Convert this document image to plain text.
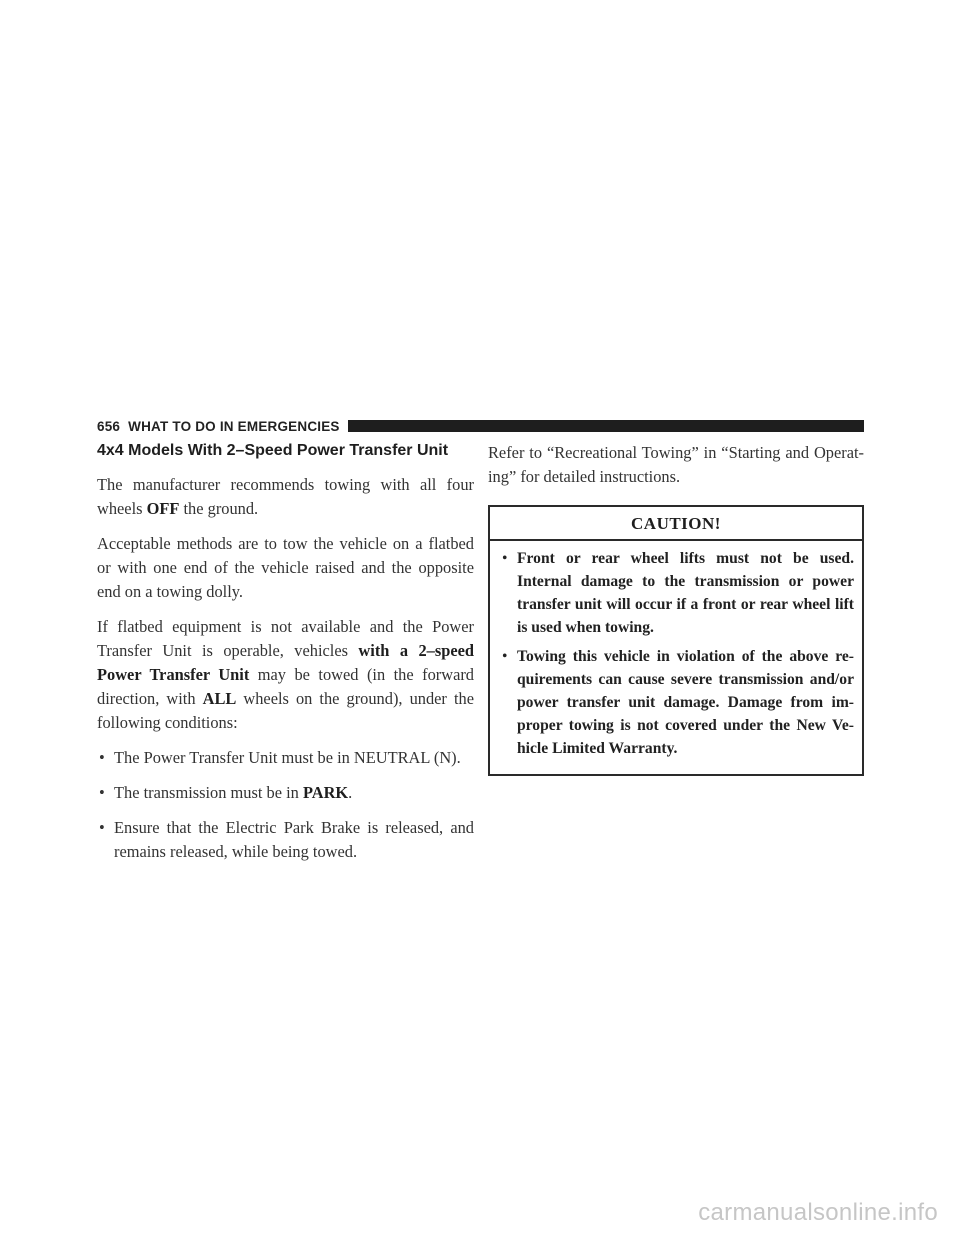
656 WHAT TO DO IN EMERGENCIES
4x4 Models With 2–Speed Power Transfer Unit

The manufacturer recommends towing with all four wheels OFF the ground.

Acceptable methods are to tow the vehicle on a flatbed or with one end of the vehicle raised and the opposite end on a towing dolly.

If flatbed equipment is not available and the Power Transfer Unit is operable, vehicles with a 2–speed Power Transfer Unit may be towed (in the forward direction, with ALL wheels on the ground), under the following conditions:

• The Power Transfer Unit must be in NEUTRAL (N).
• The transmission must be in PARK.
• Ensure that the Electric Park Brake is released, and remains released, while being towed.

Refer to “Recreational Towing” in “Starting and Operat- ing” for detailed instructions.

CAUTION!
• Front or rear wheel lifts must not be used. Internal damage to the transmission or power transfer unit will occur if a front or rear wheel lift is used when towing.
• Towing this vehicle in violation of the above re- quirements can cause severe transmission and/or power transfer unit damage. Damage from im- proper towing is not covered under the New Ve- hicle Limited Warranty.
carmanualsonline.info
